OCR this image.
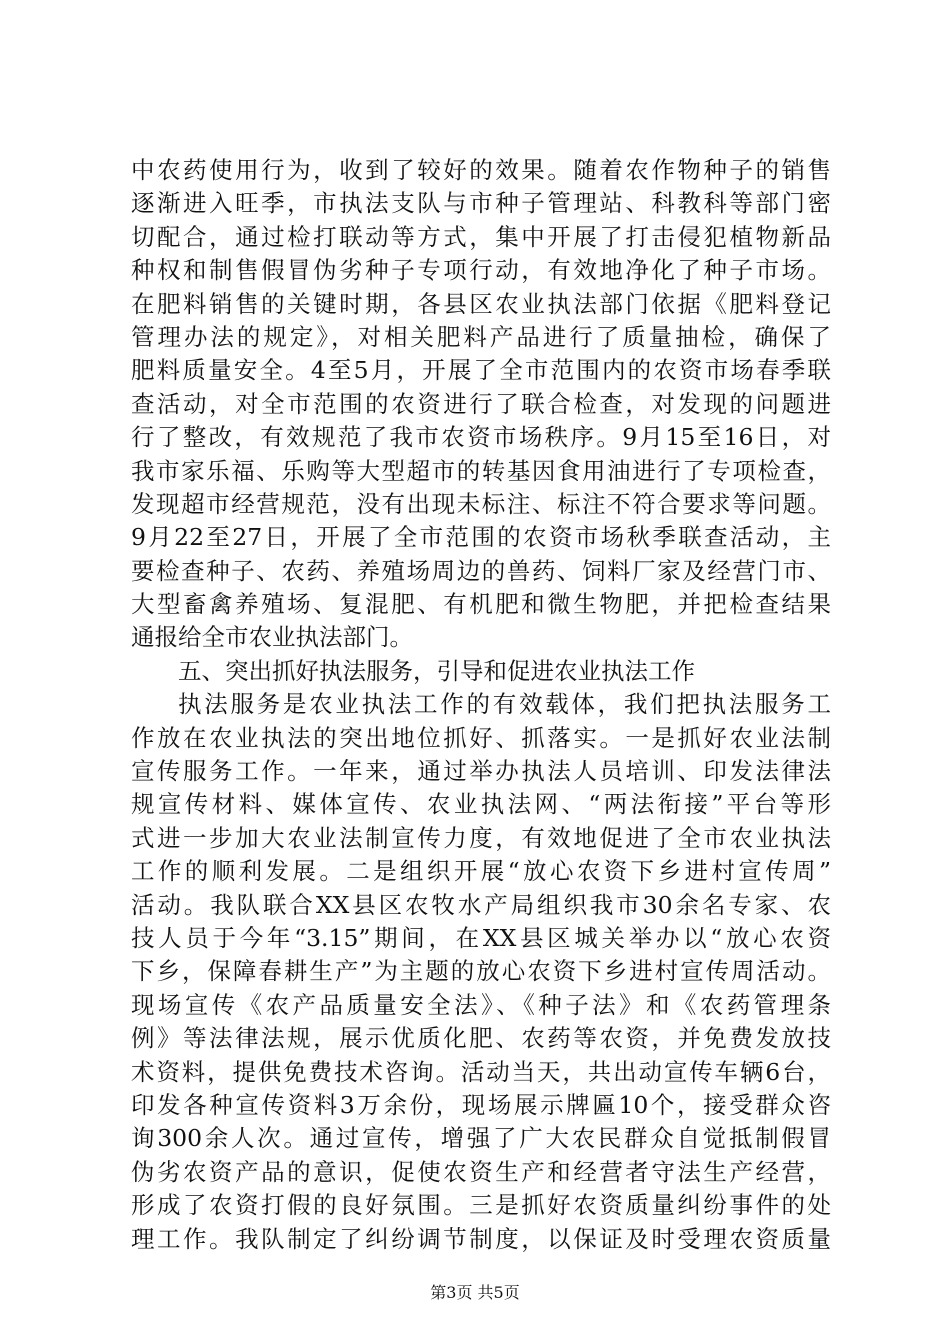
中农药使用行为，收到了较好的效果。随着农作物种子的销售
逐渐进入旺季，市执法支队与市种子管理站、科教科等部门密
切配合，通过检打联动等方式，集中开展了打击侵犯植物新品
种权和制售假冒伪劣种子专项行动，有效地净化了种子市场。
在肥料销售的关键时期，各县区农业执法部门依据《肥料登记
管理办法的规定》，对相关肥料产品进行了质量抽检，确保了
肥料质量安全。4至5月，开展了全市范围内的农资市场春季联
查活动，对全市范围的农资进行了联合检查，对发现的问题进
行了整改，有效规范了我市农资市场秩序。9月15至16日，对
我市家乐福、乐购等大型超市的转基因食用油进行了专项检查，
发现超市经营规范，没有出现未标注、标注不符合要求等问题。
9月22至27日，开展了全市范围的农资市场秋季联查活动，主
要检查种子、农药、养殖场周边的兽药、饲料厂家及经营门市、
大型畜禽养殖场、复混肥、有机肥和微生物肥，并把检查结果
通报给全市农业执法部门。
五、突出抓好执法服务，引导和促进农业执法工作
执法服务是农业执法工作的有效载体，我们把执法服务工
作放在农业执法的突出地位抓好、抓落实。一是抓好农业法制
宣传服务工作。一年来，通过举办执法人员培训、印发法律法
规宣传材料、媒体宣传、农业执法网、“两法衔接”平台等形
式进一步加大农业法制宣传力度，有效地促进了全市农业执法
工作的顺利发展。二是组织开展“放心农资下乡进村宣传周”
活动。我队联合XX县区农牧水产局组织我市30余名专家、农
技人员于今年“3.15”期间，在XX县区城关举办以“放心农资
下乡，保障春耕生产”为主题的放心农资下乡进村宣传周活动。
现场宣传《农产品质量安全法》、《种子法》和《农药管理条
例》等法律法规，展示优质化肥、农药等农资，并免费发放技
术资料，提供免费技术咨询。活动当天，共出动宣传车辆6台，
印发各种宣传资料3万余份，现场展示牌匾10个，接受群众咨
询300余人次。通过宣传，增强了广大农民群众自觉抵制假冒
伪劣农资产品的意识，促使农资生产和经营者守法生产经营，
形成了农资打假的良好氛围。三是抓好农资质量纠纷事件的处
理工作。我队制定了纠纷调节制度，以保证及时受理农资质量
第3页 共5页
